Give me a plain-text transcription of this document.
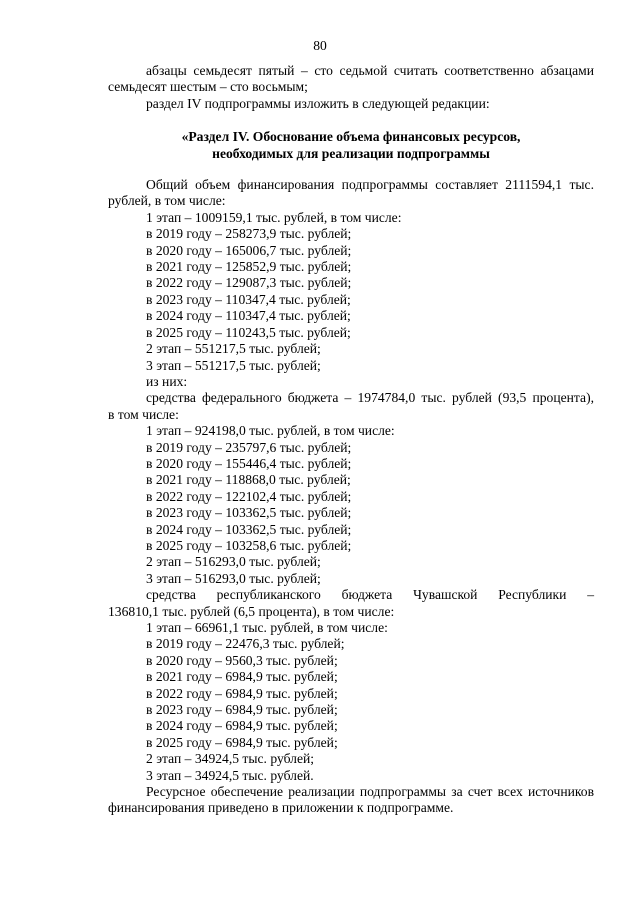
80
абзацы семьдесят пятый – сто седьмой считать соответственно абзацами
семьдесят шестым – сто восьмым;
раздел IV подпрограммы изложить в следующей редакции:
«Раздел IV. Обоснование объема финансовых ресурсов,
необходимых для реализации подпрограммы
Общий объем финансирования подпрограммы составляет 2111594,1 тыс.
рублей, в том числе:
1 этап – 1009159,1 тыс. рублей, в том числе:
в 2019 году – 258273,9 тыс. рублей;
в 2020 году – 165006,7 тыс. рублей;
в 2021 году – 125852,9 тыс. рублей;
в 2022 году – 129087,3 тыс. рублей;
в 2023 году – 110347,4 тыс. рублей;
в 2024 году – 110347,4 тыс. рублей;
в 2025 году – 110243,5 тыс. рублей;
2 этап – 551217,5 тыс. рублей;
3 этап – 551217,5 тыс. рублей;
из них:
средства федерального бюджета – 1974784,0 тыс. рублей (93,5 процента),
в том числе:
1 этап – 924198,0 тыс. рублей, в том числе:
в 2019 году – 235797,6 тыс. рублей;
в 2020 году – 155446,4 тыс. рублей;
в 2021 году – 118868,0 тыс. рублей;
в 2022 году – 122102,4 тыс. рублей;
в 2023 году – 103362,5 тыс. рублей;
в 2024 году – 103362,5 тыс. рублей;
в 2025 году – 103258,6 тыс. рублей;
2 этап – 516293,0 тыс. рублей;
3 этап – 516293,0 тыс. рублей;
средства республиканского бюджета Чувашской Республики –
136810,1 тыс. рублей (6,5 процента), в том числе:
1 этап – 66961,1 тыс. рублей, в том числе:
в 2019 году – 22476,3 тыс. рублей;
в 2020 году – 9560,3 тыс. рублей;
в 2021 году – 6984,9 тыс. рублей;
в 2022 году – 6984,9 тыс. рублей;
в 2023 году – 6984,9 тыс. рублей;
в 2024 году – 6984,9 тыс. рублей;
в 2025 году – 6984,9 тыс. рублей;
2 этап – 34924,5 тыс. рублей;
3 этап – 34924,5 тыс. рублей.
Ресурсное обеспечение реализации подпрограммы за счет всех источников
финансирования приведено в приложении к подпрограмме.
